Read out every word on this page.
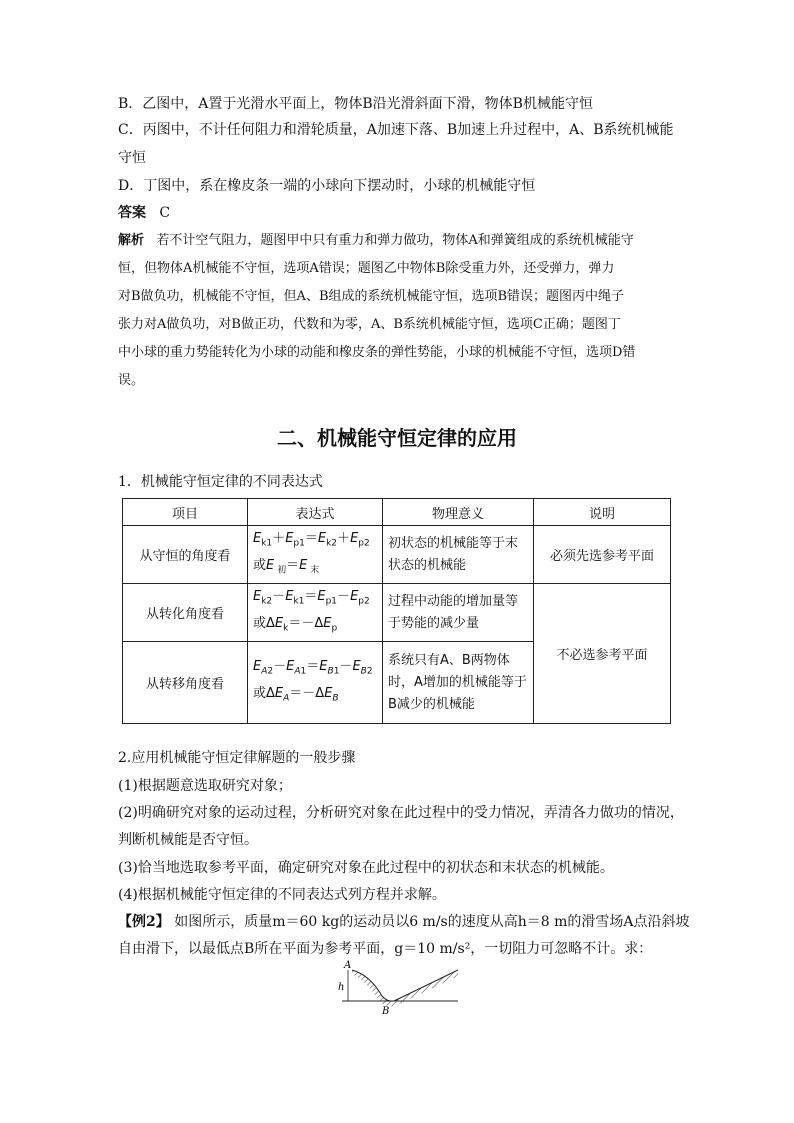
B．乙图中，A置于光滑水平面上，物体B沿光滑斜面下滑，物体B机械能守恒
C．丙图中，不计任何阻力和滑轮质量，A加速下落、B加速上升过程中，A、B系统机械能
守恒
D．丁图中，系在橡皮条一端的小球向下摆动时，小球的机械能守恒
答案 C
解析 若不计空气阻力，题图甲中只有重力和弹力做功，物体A和弹簧组成的系统机械能守
恒，但物体A机械能不守恒，选项A错误；题图乙中物体B除受重力外，还受弹力，弹力
对B做负功，机械能不守恒，但A、B组成的系统机械能守恒，选项B错误；题图丙中绳子
张力对A做负功，对B做正功，代数和为零，A、B系统机械能守恒，选项C正确；题图丁
中小球的重力势能转化为小球的动能和橡皮条的弹性势能，小球的机械能不守恒，选项D错
误。
二、机械能守恒定律的应用
1．机械能守恒定律的不同表达式
项目	表达式	物理意义	说明
从守恒的角度看	$E_{k1}+E_{p1}=E_{k2}+E_{p2}$
或E $_初$＝E $_末$	初状态的机械能等于末状态的机械能	必须先选参考平面
从转化角度看	$E_{k2}-E_{k1}=E_{p1}-E_{p2}$
或$\Delta E_k=-\Delta E_p$	过程中动能的增加量等于势能的减少量	不必选参考平面
从转移角度看	$E_{A2}-E_{A1}=E_{B1}-E_{B2}$
或$\Delta E_A=-\Delta E_B$	系统只有A、B两物体时，A增加的机械能等于B减少的机械能	
2.应用机械能守恒定律解题的一般步骤
(1)根据题意选取研究对象；
(2)明确研究对象的运动过程，分析研究对象在此过程中的受力情况，弄清各力做功的情况，
判断机械能是否守恒。
(3)恰当地选取参考平面，确定研究对象在此过程中的初状态和末状态的机械能。
(4)根据机械能守恒定律的不同表达式列方程并求解。
【例2】 如图所示，质量m＝60 kg的运动员以6 m/s的速度从高h＝8 m的滑雪场A点沿斜坡
自由滑下，以最低点B所在平面为参考平面，g＝10 m/s²，一切阻力可忽略不计。求：
A
h
B
